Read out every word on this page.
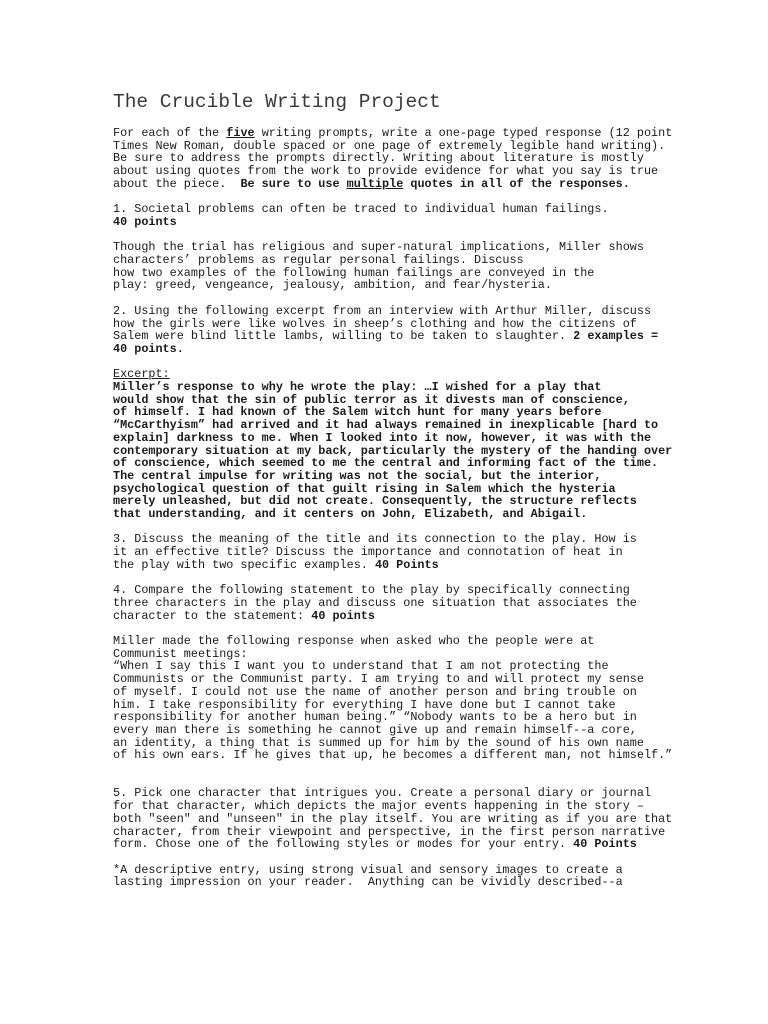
The Crucible Writing Project
For each of the five writing prompts, write a one-page typed response (12 point
Times New Roman, double spaced or one page of extremely legible hand writing).
Be sure to address the prompts directly. Writing about literature is mostly
about using quotes from the work to provide evidence for what you say is true
about the piece.  Be sure to use multiple quotes in all of the responses.
1. Societal problems can often be traced to individual human failings.
40 points
Though the trial has religious and super-natural implications, Miller shows
characters’ problems as regular personal failings. Discuss
how two examples of the following human failings are conveyed in the
play: greed, vengeance, jealousy, ambition, and fear/hysteria.
2. Using the following excerpt from an interview with Arthur Miller, discuss
how the girls were like wolves in sheep’s clothing and how the citizens of
Salem were blind little lambs, willing to be taken to slaughter. 2 examples =
40 points.
Excerpt:
Miller’s response to why he wrote the play: …I wished for a play that
would show that the sin of public terror as it divests man of conscience,
of himself. I had known of the Salem witch hunt for many years before
“McCarthyism” had arrived and it had always remained in inexplicable [hard to
explain] darkness to me. When I looked into it now, however, it was with the
contemporary situation at my back, particularly the mystery of the handing over
of conscience, which seemed to me the central and informing fact of the time.
The central impulse for writing was not the social, but the interior,
psychological question of that guilt rising in Salem which the hysteria
merely unleashed, but did not create. Consequently, the structure reflects
that understanding, and it centers on John, Elizabeth, and Abigail.
3. Discuss the meaning of the title and its connection to the play. How is
it an effective title? Discuss the importance and connotation of heat in
the play with two specific examples. 40 Points
4. Compare the following statement to the play by specifically connecting
three characters in the play and discuss one situation that associates the
character to the statement: 40 points
Miller made the following response when asked who the people were at
Communist meetings:
“When I say this I want you to understand that I am not protecting the
Communists or the Communist party. I am trying to and will protect my sense
of myself. I could not use the name of another person and bring trouble on
him. I take responsibility for everything I have done but I cannot take
responsibility for another human being.” “Nobody wants to be a hero but in
every man there is something he cannot give up and remain himself--a core,
an identity, a thing that is summed up for him by the sound of his own name
of his own ears. If he gives that up, he becomes a different man, not himself.”
5. Pick one character that intrigues you. Create a personal diary or journal
for that character, which depicts the major events happening in the story –
both "seen" and "unseen" in the play itself. You are writing as if you are that
character, from their viewpoint and perspective, in the first person narrative
form. Chose one of the following styles or modes for your entry. 40 Points
*A descriptive entry, using strong visual and sensory images to create a
lasting impression on your reader.  Anything can be vividly described--a
